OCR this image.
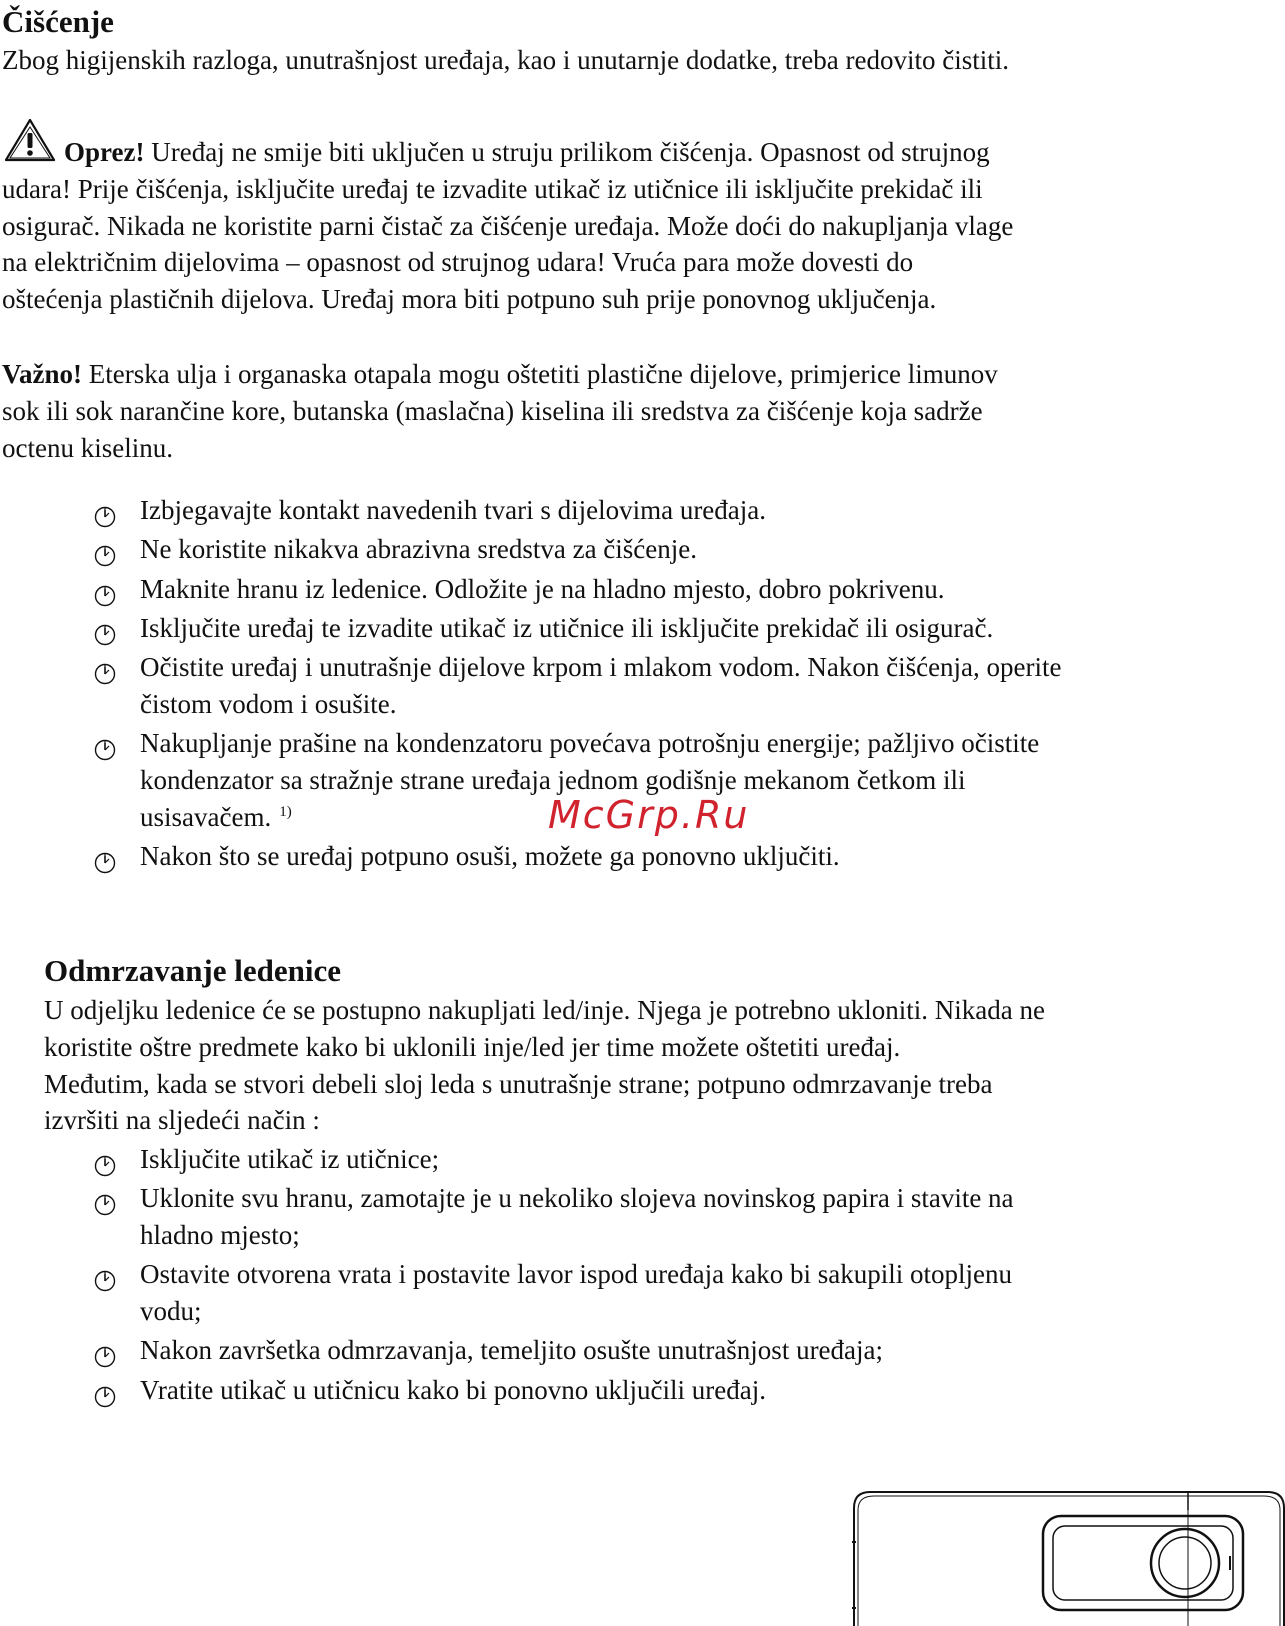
Čišćenje

Zbog higijenskih razloga, unutrašnjost uređaja, kao i unutarnje dodatke, treba redovito čistiti.

Oprez! Uređaj ne smije biti uključen u struju prilikom čišćenja. Opasnost od strujnog
udara! Prije čišćenja, isključite uređaj te izvadite utikač iz utičnice ili isključite prekidač ili
osigurač. Nikada ne koristite parni čistač za čišćenje uređaja. Može doći do nakupljanja vlage
na električnim dijelovima – opasnost od strujnog udara! Vruća para može dovesti do
oštećenja plastičnih dijelova. Uređaj mora biti potpuno suh prije ponovnog uključenja.
Važno! Eterska ulja i organaska otapala mogu oštetiti plastične dijelove, primjerice limunov
sok ili sok narančine kore, butanska (maslačna) kiselina ili sredstva za čišćenje koja sadrže
octenu kiselinu.
Izbjegavajte kontakt navedenih tvari s dijelovima uređaja.
Ne koristite nikakva abrazivna sredstva za čišćenje.
Maknite hranu iz ledenice. Odložite je na hladno mjesto, dobro pokrivenu.
Isključite uređaj te izvadite utikač iz utičnice ili isključite prekidač ili osigurač.
Očistite uređaj i unutrašnje dijelove krpom i mlakom vodom. Nakon čišćenja, operite
čistom vodom i osušite.
Nakupljanje prašine na kondenzatoru povećava potrošnju energije; pažljivo očistite
kondenzator sa stražnje strane uređaja jednom godišnje mekanom četkom ili
usisavačem. $^{1)}$
Nakon što se uređaj potpuno osuši, možete ga ponovno uključiti.
McGrp.Ru
Odmrzavanje ledenice
U odjeljku ledenice će se postupno nakupljati led/inje. Njega je potrebno ukloniti. Nikada ne
koristite oštre predmete kako bi uklonili inje/led jer time možete oštetiti uređaj.
Međutim, kada se stvori debeli sloj leda s unutrašnje strane; potpuno odmrzavanje treba
izvršiti na sljedeći način :
Isključite utikač iz utičnice;
Uklonite svu hranu, zamotajte je u nekoliko slojeva novinskog papira i stavite na
hladno mjesto;
Ostavite otvorena vrata i postavite lavor ispod uređaja kako bi sakupili otopljenu
vodu;
Nakon završetka odmrzavanja, temeljito osušte unutrašnjost uređaja;
Vratite utikač u utičnicu kako bi ponovno uključili uređaj.
